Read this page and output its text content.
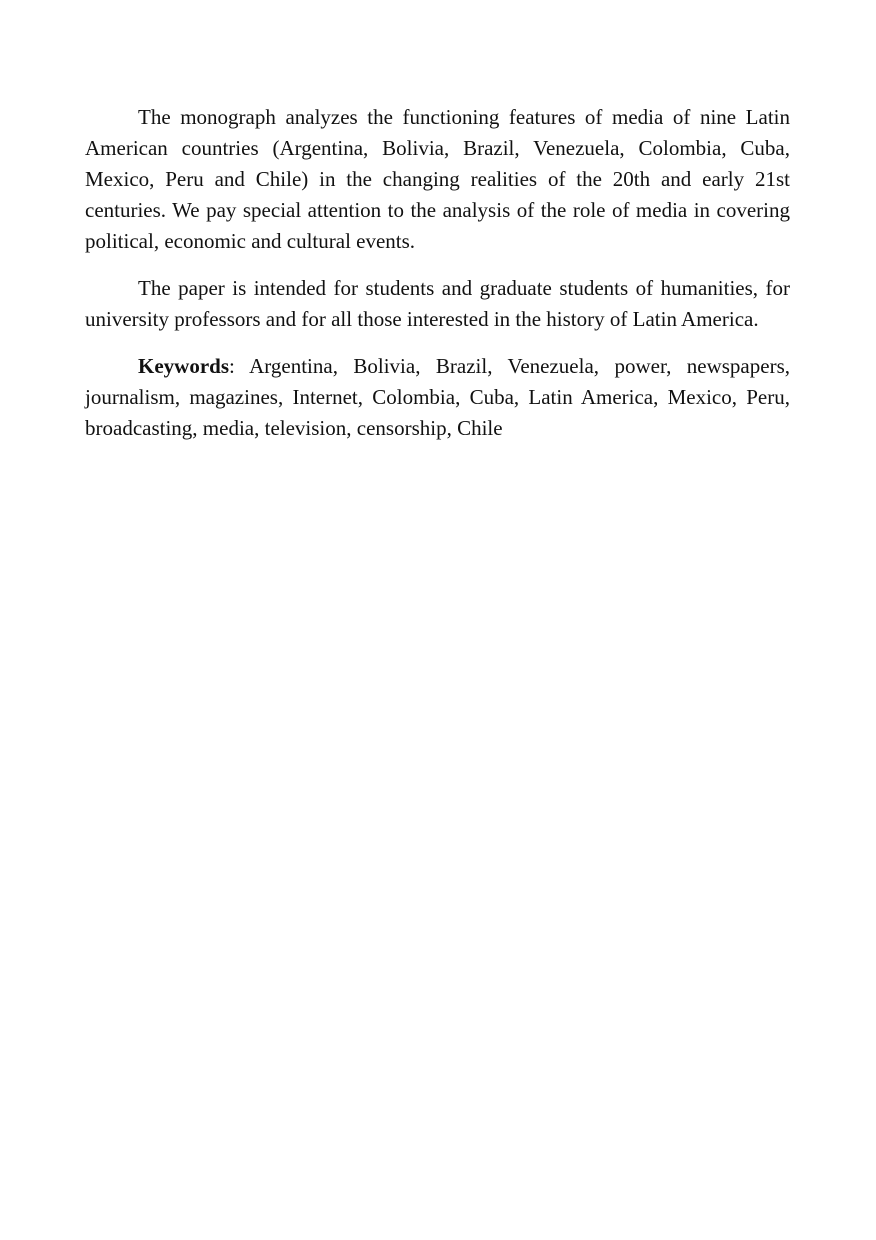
The monograph analyzes the functioning features of media of nine Latin American countries (Argentina, Bolivia, Brazil, Venezuela, Colombia, Cuba, Mexico, Peru and Chile) in the changing realities of the 20th and early 21st centuries. We pay special attention to the analysis of the role of media in covering political, economic and cultural events.

The paper is intended for students and graduate students of humanities, for university professors and for all those interested in the history of Latin America.

Keywords: Argentina, Bolivia, Brazil, Venezuela, power, newspapers, journalism, magazines, Internet, Colombia, Cuba, Latin America, Mexico, Peru, broadcasting, media, television, censorship, Chile
